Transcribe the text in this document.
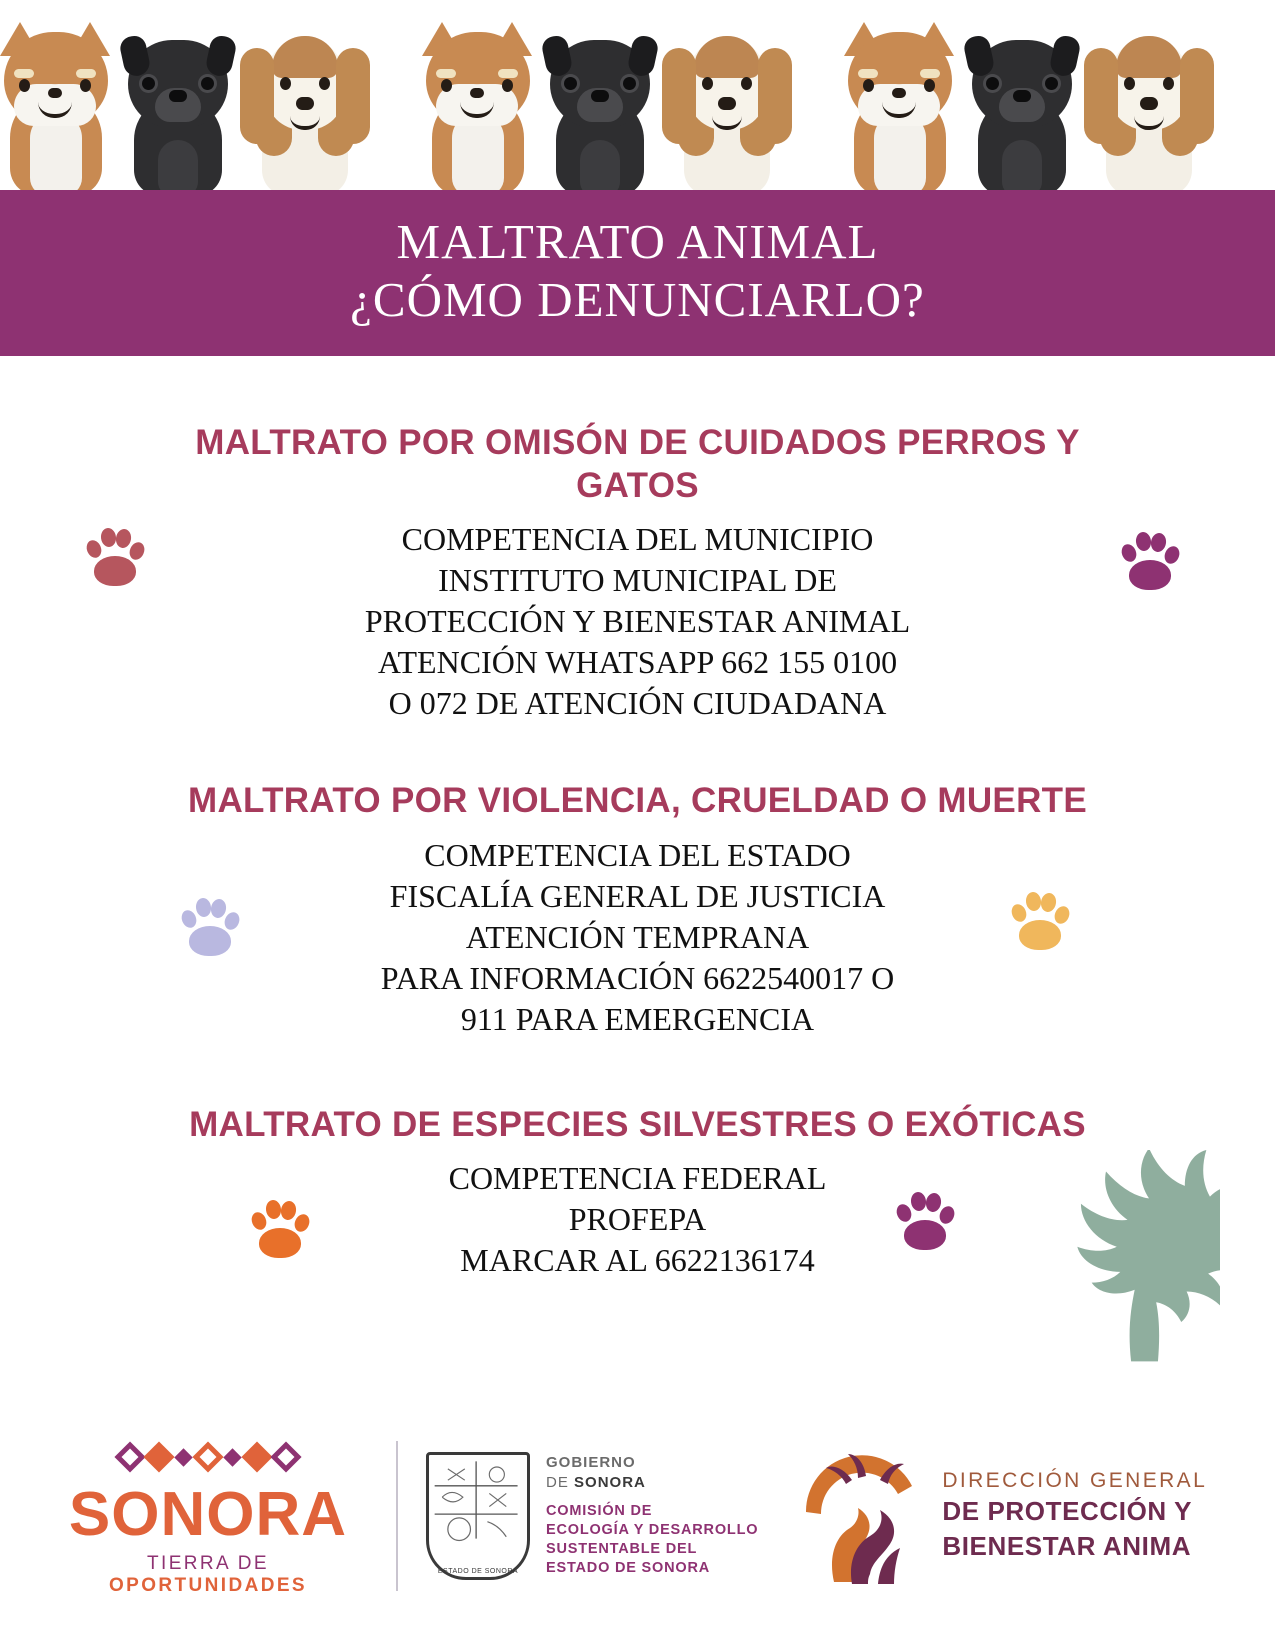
MALTRATO ANIMAL
¿CÓMO DENUNCIARLO?
MALTRATO POR OMISÓN DE CUIDADOS PERROS Y GATOS
COMPETENCIA DEL MUNICIPIO
INSTITUTO MUNICIPAL DE
PROTECCIÓN Y BIENESTAR ANIMAL
ATENCIÓN WHATSAPP 662 155 0100
O 072 DE ATENCIÓN CIUDADANA
MALTRATO POR VIOLENCIA, CRUELDAD O MUERTE
COMPETENCIA DEL ESTADO
FISCALÍA GENERAL DE JUSTICIA
ATENCIÓN TEMPRANA
PARA INFORMACIÓN 6622540017 O
911 PARA EMERGENCIA
MALTRATO DE ESPECIES SILVESTRES O EXÓTICAS
COMPETENCIA FEDERAL
PROFEPA
MARCAR AL 6622136174
SONORA
TIERRA DE OPORTUNIDADES
ESTADO DE SONORA
GOBIERNO
DE SONORA
COMISIÓN DE
ECOLOGÍA Y DESARROLLO
SUSTENTABLE DEL
ESTADO DE SONORA
DIRECCIÓN GENERAL
DE PROTECCIÓN Y
BIENESTAR ANIMA
